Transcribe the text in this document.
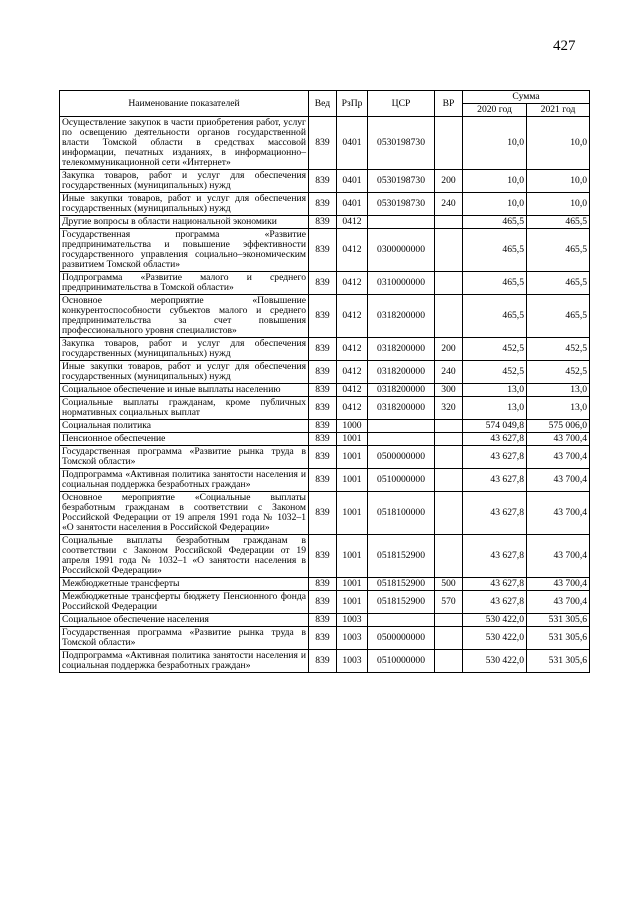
427
Наименование показателей	Вед	РзПр	ЦСР	ВР	Сумма	
					2020 год	2021 год
Осуществление закупок в части приобретения работ, услуг по освещению деятельности органов государственной власти Томской области в средствах массовой информации, печатных изданиях, в информационно–телекоммуникационной сети «Интернет»	839	0401	0530198730		10,0	10,0
Закупка товаров, работ и услуг для обеспечения государственных (муниципальных) нужд	839	0401	0530198730	200	10,0	10,0
Иные закупки товаров, работ и услуг для обеспечения государственных (муниципальных) нужд	839	0401	0530198730	240	10,0	10,0
Другие вопросы в области национальной экономики	839	0412			465,5	465,5
Государственная программа «Развитие предпринимательства и повышение эффективности государственного управления социально–экономическим развитием Томской области»	839	0412	0300000000		465,5	465,5
Подпрограмма «Развитие малого и среднего предпринимательства в Томской области»	839	0412	0310000000		465,5	465,5
Основное мероприятие «Повышение конкурентоспособности субъектов малого и среднего предпринимательства за счет повышения профессионального уровня специалистов»	839	0412	0318200000		465,5	465,5
Закупка товаров, работ и услуг для обеспечения государственных (муниципальных) нужд	839	0412	0318200000	200	452,5	452,5
Иные закупки товаров, работ и услуг для обеспечения государственных (муниципальных) нужд	839	0412	0318200000	240	452,5	452,5
Социальное обеспечение и иные выплаты населению	839	0412	0318200000	300	13,0	13,0
Социальные выплаты гражданам, кроме публичных нормативных социальных выплат	839	0412	0318200000	320	13,0	13,0
Социальная политика	839	1000			574 049,8	575 006,0
Пенсионное обеспечение	839	1001			43 627,8	43 700,4
Государственная программа «Развитие рынка труда в Томской области»	839	1001	0500000000		43 627,8	43 700,4
Подпрограмма «Активная политика занятости населения и социальная поддержка безработных граждан»	839	1001	0510000000		43 627,8	43 700,4
Основное мероприятие «Социальные выплаты безработным гражданам в соответствии с Законом Российской Федерации от 19 апреля 1991 года № 1032–1 «О занятости населения в Российской Федерации»	839	1001	0518100000		43 627,8	43 700,4
Социальные выплаты безработным гражданам в соответствии с Законом Российской Федерации от 19 апреля 1991 года № 1032–1 «О занятости населения в Российской Федерации»	839	1001	0518152900		43 627,8	43 700,4
Межбюджетные трансферты	839	1001	0518152900	500	43 627,8	43 700,4
Межбюджетные трансферты бюджету Пенсионного фонда Российской Федерации	839	1001	0518152900	570	43 627,8	43 700,4
Социальное обеспечение населения	839	1003			530 422,0	531 305,6
Государственная программа «Развитие рынка труда в Томской области»	839	1003	0500000000		530 422,0	531 305,6
Подпрограмма «Активная политика занятости населения и социальная поддержка безработных граждан»	839	1003	0510000000		530 422,0	531 305,6
